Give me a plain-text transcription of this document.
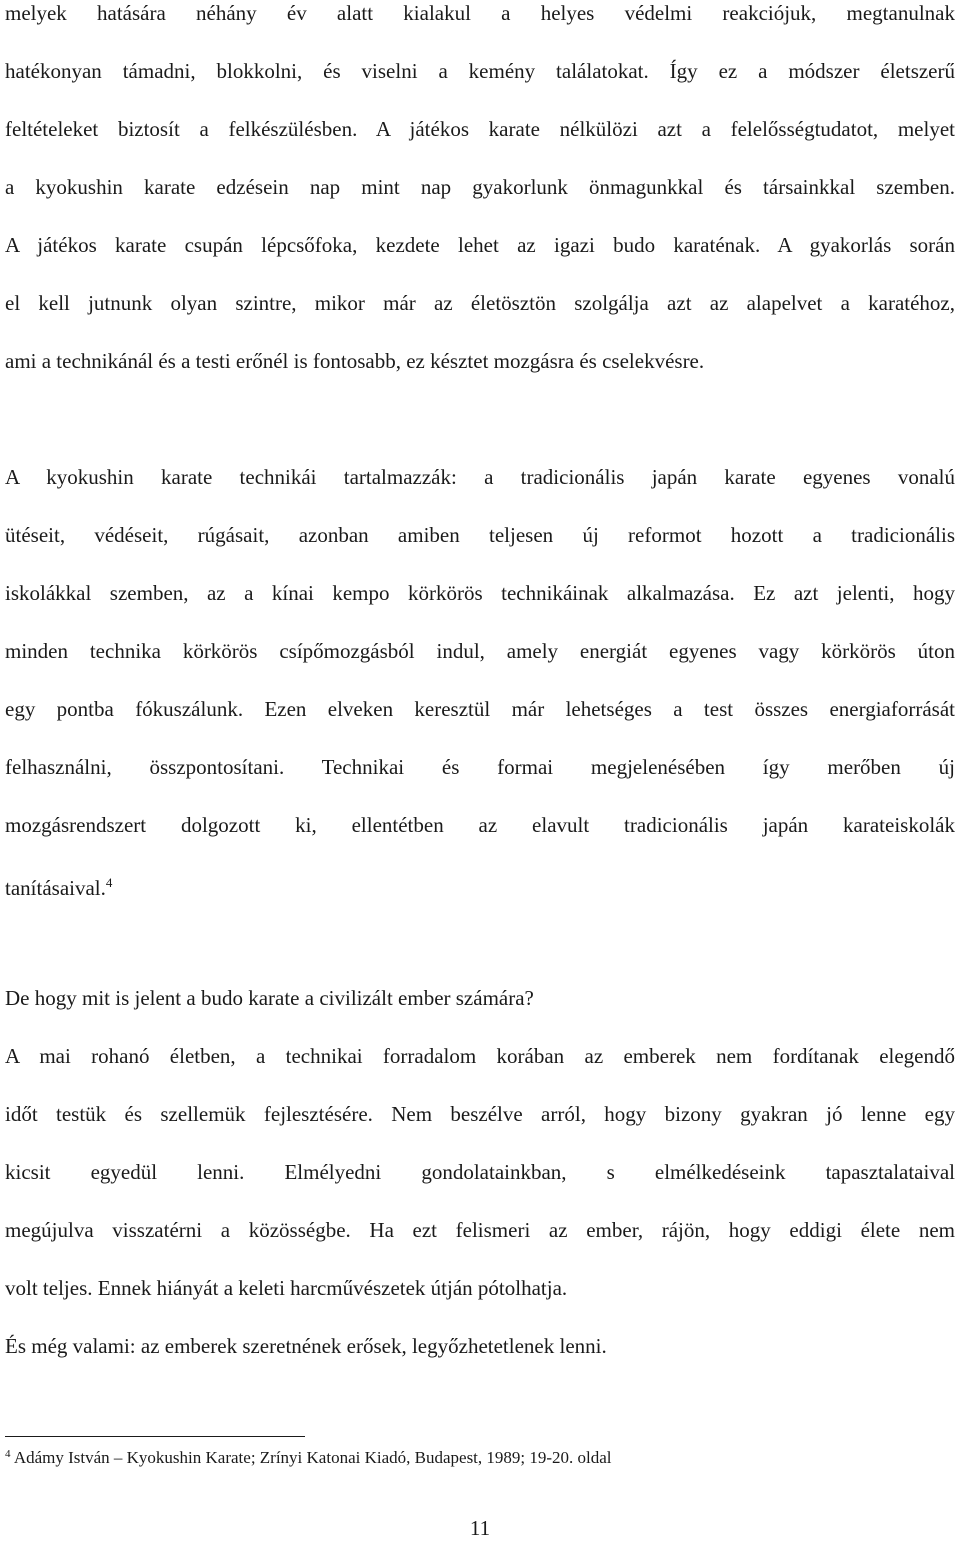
melyek hatására néhány év alatt kialakul a helyes védelmi reakciójuk, megtanulnak
hatékonyan támadni, blokkolni, és viselni a kemény találatokat. Így ez a módszer életszerű
feltételeket biztosít a felkészülésben. A játékos karate nélkülözi azt a felelősségtudatot, melyet
a kyokushin karate edzésein nap mint nap gyakorlunk önmagunkkal és társainkkal szemben.
A játékos karate csupán lépcsőfoka, kezdete lehet az igazi budo karaténak. A gyakorlás során
el kell jutnunk olyan szintre, mikor már az életösztön szolgálja azt az alapelvet a karatéhoz,
ami a technikánál és a testi erőnél is fontosabb, ez késztet mozgásra és cselekvésre.
A kyokushin karate technikái tartalmazzák: a tradicionális japán karate egyenes vonalú
ütéseit, védéseit, rúgásait, azonban amiben teljesen új reformot hozott a tradicionális
iskolákkal szemben, az a kínai kempo körkörös technikáinak alkalmazása. Ez azt jelenti, hogy
minden technika körkörös csípőmozgásból indul, amely energiát egyenes vagy körkörös úton
egy pontba fókuszálunk. Ezen elveken keresztül már lehetséges a test összes energiaforrását
felhasználni, összpontosítani. Technikai és formai megjelenésében így merőben új
mozgásrendszert dolgozott ki, ellentétben az elavult tradicionális japán karateiskolák
tanításaival.$^4$
De hogy mit is jelent a budo karate a civilizált ember számára?
A mai rohanó életben, a technikai forradalom korában az emberek nem fordítanak elegendő
időt testük és szellemük fejlesztésére. Nem beszélve arról, hogy bizony gyakran jó lenne egy
kicsit egyedül lenni. Elmélyedni gondolatainkban, s elmélkedéseink tapasztalataival
megújulva visszatérni a közösségbe. Ha ezt felismeri az ember, rájön, hogy eddigi élete nem
volt teljes. Ennek hiányát a keleti harcművészetek útján pótolhatja.
És még valami: az emberek szeretnének erősek, legyőzhetetlenek lenni.
$^4$ Adámy István – Kyokushin Karate; Zrínyi Katonai Kiadó, Budapest, 1989; 19-20. oldal
11
